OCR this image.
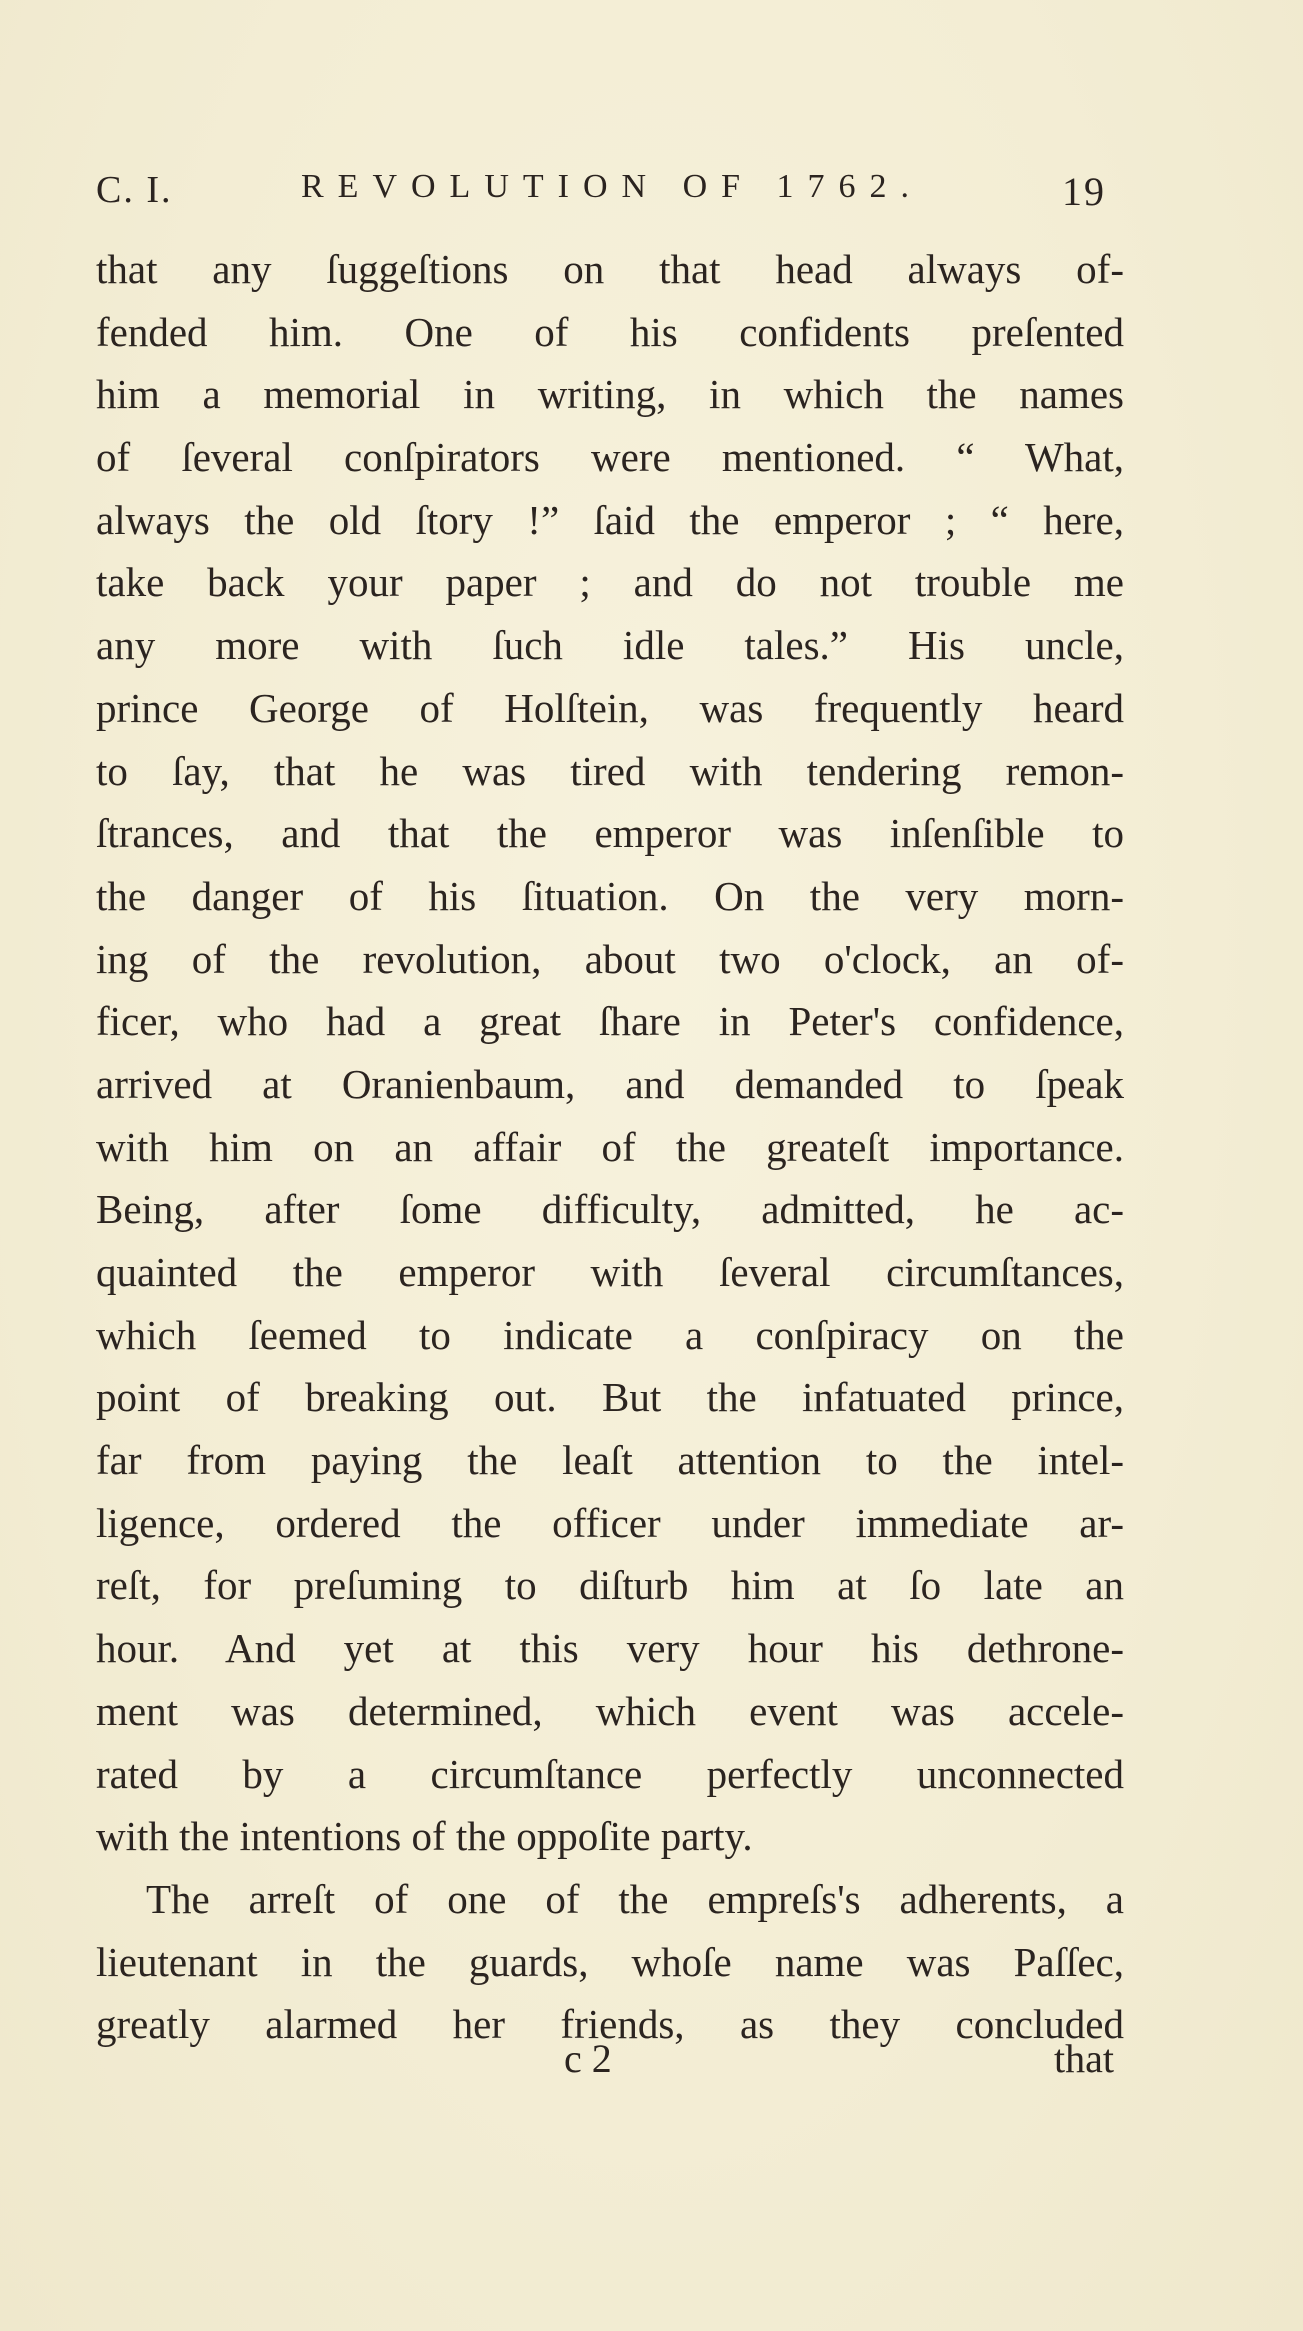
C. I.	REVOLUTION OF 1762.	19
that any ſuggeſtions on that head always of-
fended him. One of his confidents preſented
him a memorial in writing, in which the names
of ſeveral conſpirators were mentioned. “ What,
always the old ſtory !” ſaid the emperor ; “ here,
take back your paper ; and do not trouble me
any more with ſuch idle tales.” His uncle,
prince George of Holſtein, was frequently heard
to ſay, that he was tired with tendering remon-
ſtrances, and that the emperor was inſenſible to
the danger of his ſituation. On the very morn-
ing of the revolution, about two o'clock, an of-
ficer, who had a great ſhare in Peter's confidence,
arrived at Oranienbaum, and demanded to ſpeak
with him on an affair of the greateſt importance.
Being, after ſome difficulty, admitted, he ac-
quainted the emperor with ſeveral circumſtances,
which ſeemed to indicate a conſpiracy on the
point of breaking out. But the infatuated prince,
far from paying the leaſt attention to the intel-
ligence, ordered the officer under immediate ar-
reſt, for preſuming to diſturb him at ſo late an
hour. And yet at this very hour his dethrone-
ment was determined, which event was accele-
rated by a circumſtance perfectly unconnected
with the intentions of the oppoſite party.
The arreſt of one of the empreſs's adherents, a
lieutenant in the guards, whoſe name was Paſſec,
greatly alarmed her friends, as they concluded
c 2	that
